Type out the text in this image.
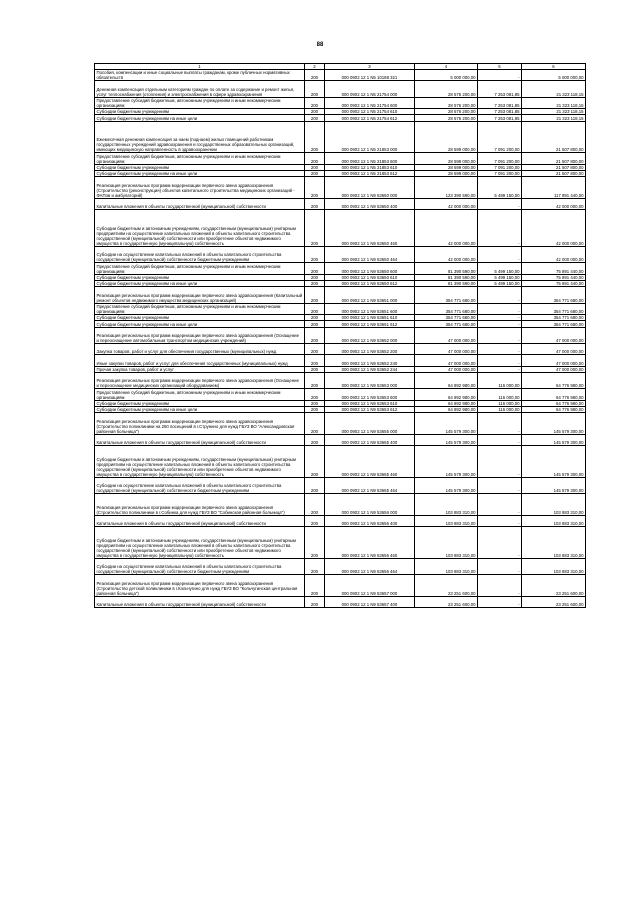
88
1	2	3	4	5	6
Пособия, компенсации и иные социальные выплаты гражданам, кроме публичных нормативных обязательств	200	000 0902 12 1 N5 10188 321	5 000 000,00	-	5 000 000,00
Денежная компенсация отдельным категориям граждан по оплате за содержание и ремонт жилья, услуг теплоснабжения (отопления) и электроснабжения в сфере здравоохранения	200	000 0902 12 1 N5 21754 000	28 576 200,00	7 253 081,85	21 323 118,15
Предоставление субсидий бюджетным, автономным учреждениям и иным некоммерческим организациям	200	000 0902 12 1 N5 21754 600	28 576 200,00	7 253 081,85	21 323 118,15
Субсидии бюджетным учреждениям	200	000 0902 12 1 N5 21754 610	28 576 200,00	7 253 081,85	21 323 118,15
Субсидии бюджетным учреждениям на иные цели	200	000 0902 12 1 N5 21754 612	28 576 200,00	7 253 081,85	21 323 118,15
Ежемесячная денежная компенсация за наем (поднаем) жилых помещений работникам государственных учреждений здравоохранения и государственных образовательных организаций, имеющих медицинскую направленность в здравоохранении	200	000 0902 12 1 N5 21853 000	28 599 000,00	7 091 200,00	21 507 800,00
Предоставление субсидий бюджетным, автономным учреждениям и иным некоммерческим организациям	200	000 0902 12 1 N5 21853 600	28 599 000,00	7 091 200,00	21 507 800,00
Субсидии бюджетным учреждениям	200	000 0902 12 1 N5 21853 610	28 599 000,00	7 091 200,00	21 507 800,00
Субсидии бюджетным учреждениям на иные цели	200	000 0902 12 1 N5 21853 612	28 599 000,00	7 091 200,00	21 507 800,00
Реализация региональных программ модернизации первичного звена здравоохранения (Строительство (реконструкция) объектов капитального строительства медицинских организаций - ФАПов и амбулаторий)	200	000 0902 12 1 N9 53650 000	123 390 590,00	5 499 150,00	117 891 440,00
Капитальные вложения в объекты государственной (муниципальной) собственности	200	000 0902 12 1 N9 53650 400	42 000 000,00	-	42 000 000,00
Субсидии бюджетным и автономным учреждениям, государственным (муниципальным) унитарным предприятиям на осуществление капитальных вложений в объекты капитального строительства государственной (муниципальной) собственности или приобретение объектов недвижимого имущества в государственную (муниципальную) собственность	200	000 0902 12 1 N9 53650 460	42 000 000,00	-	42 000 000,00
Субсидии на осуществление капитальных вложений в объекты капитального строительства государственной (муниципальной) собственности бюджетным учреждениям	200	000 0902 12 1 N9 53650 464	42 000 000,00	-	42 000 000,00
Предоставление субсидий бюджетным, автономным учреждениям и иным некоммерческим организациям	200	000 0902 12 1 N9 53650 600	81 390 590,00	5 499 150,00	75 891 440,00
Субсидии бюджетным учреждениям	200	000 0902 12 1 N9 53650 610	81 390 590,00	5 499 150,00	75 891 440,00
Субсидии бюджетным учреждениям на иные цели	200	000 0902 12 1 N9 53650 612	81 390 590,00	5 499 150,00	75 891 440,00
Реализация региональных программ модернизации первичного звена здравоохранения (Капитальный ремонт объектов недвижимого имущества медицинских организаций)	200	000 0902 12 1 N9 53651 000	354 771 680,00	-	354 771 680,00
Предоставление субсидий бюджетным, автономным учреждениям и иным некоммерческим организациям	200	000 0902 12 1 N9 53651 600	354 771 680,00	-	354 771 680,00
Субсидии бюджетным учреждениям	200	000 0902 12 1 N9 53651 610	354 771 680,00	-	354 771 680,00
Субсидии бюджетным учреждениям на иные цели	200	000 0902 12 1 N9 53651 612	354 771 680,00	-	354 771 680,00
Реализация региональных программ модернизации первичного звена здравоохранения (Оснащение и переоснащение автомобильным транспортом медицинских учреждений)	200	000 0902 12 1 N9 53652 000	47 000 000,00	-	47 000 000,00
Закупка товаров, работ и услуг для обеспечения государственных (муниципальных) нужд	200	000 0902 12 1 N9 53652 200	47 000 000,00	-	47 000 000,00
Иные закупки товаров, работ и услуг для обеспечения государственных (муниципальных) нужд	200	000 0902 12 1 N9 53652 240	47 000 000,00	-	47 000 000,00
Прочая закупка товаров, работ и услуг	200	000 0902 12 1 N9 53652 244	47 000 000,00	-	47 000 000,00
Реализация региональных программ модернизации первичного звена здравоохранения (Оснащение и переоснащение медицинских организаций оборудованием)	200	000 0902 12 1 N9 53653 000	64 892 980,00	116 000,00	64 776 980,00
Предоставление субсидий бюджетным, автономным учреждениям и иным некоммерческим организациям	200	000 0902 12 1 N9 53653 600	64 892 980,00	116 000,00	64 776 980,00
Субсидии бюджетным учреждениям	200	000 0902 12 1 N9 53653 610	64 892 980,00	116 000,00	64 776 980,00
Субсидии бюджетным учреждениям на иные цели	200	000 0902 12 1 N9 53653 612	64 892 980,00	116 000,00	64 776 980,00
Реализация региональных программ модернизации первичного звена здравоохранения (Строительство поликлиники на 250 посещений в г.Струнино для нужд ГБУЗ ВО "Александровская районная больница")	200	000 0902 12 1 N9 53655 000	145 579 300,00	-	145 579 300,00
Капитальные вложения в объекты государственной (муниципальной) собственности	200	000 0902 12 1 N9 53655 400	145 579 300,00	-	145 579 300,00
Субсидии бюджетным и автономным учреждениям, государственным (муниципальным) унитарным предприятиям на осуществление капитальных вложений в объекты капитального строительства государственной (муниципальной) собственности или приобретение объектов недвижимого имущества в государственную (муниципальную) собственность	200	000 0902 12 1 N9 53655 460	145 579 300,00	-	145 579 300,00
Субсидии на осуществление капитальных вложений в объекты капитального строительства государственной (муниципальной) собственности бюджетным учреждениям	200	000 0902 12 1 N9 53655 464	145 579 300,00	-	145 579 300,00
Реализация региональных программ модернизации первичного звена здравоохранения (Строительство поликлиники в г.Собинка для нужд ГБУЗ ВО "Собинская районная больница")	200	000 0902 12 1 N9 53656 000	103 883 310,00	-	103 883 310,00
Капитальные вложения в объекты государственной (муниципальной) собственности	200	000 0902 12 1 N9 53656 400	103 883 310,00	-	103 883 310,00
Субсидии бюджетным и автономным учреждениям, государственным (муниципальным) унитарным предприятиям на осуществление капитальных вложений в объекты капитального строительства государственной (муниципальной) собственности или приобретение объектов недвижимого имущества в государственную (муниципальную) собственность	200	000 0902 12 1 N9 53656 460	103 883 310,00	-	103 883 310,00
Субсидии на осуществление капитальных вложений в объекты капитального строительства государственной (муниципальной) собственности бюджетным учреждениям	200	000 0902 12 1 N9 53656 464	103 883 310,00	-	103 883 310,00
Реализация региональных программ модернизации первичного звена здравоохранения (Строительство детской поликлиники в г.Кольчугино для нужд ГБУЗ ВО "Кольчугинская центральная районная больница")	200	000 0902 12 1 N9 53657 000	23 251 600,00	-	23 251 600,00
Капитальные вложения в объекты государственной (муниципальной) собственности	200	000 0902 12 1 N9 53657 400	23 251 600,00	-	23 251 600,00
